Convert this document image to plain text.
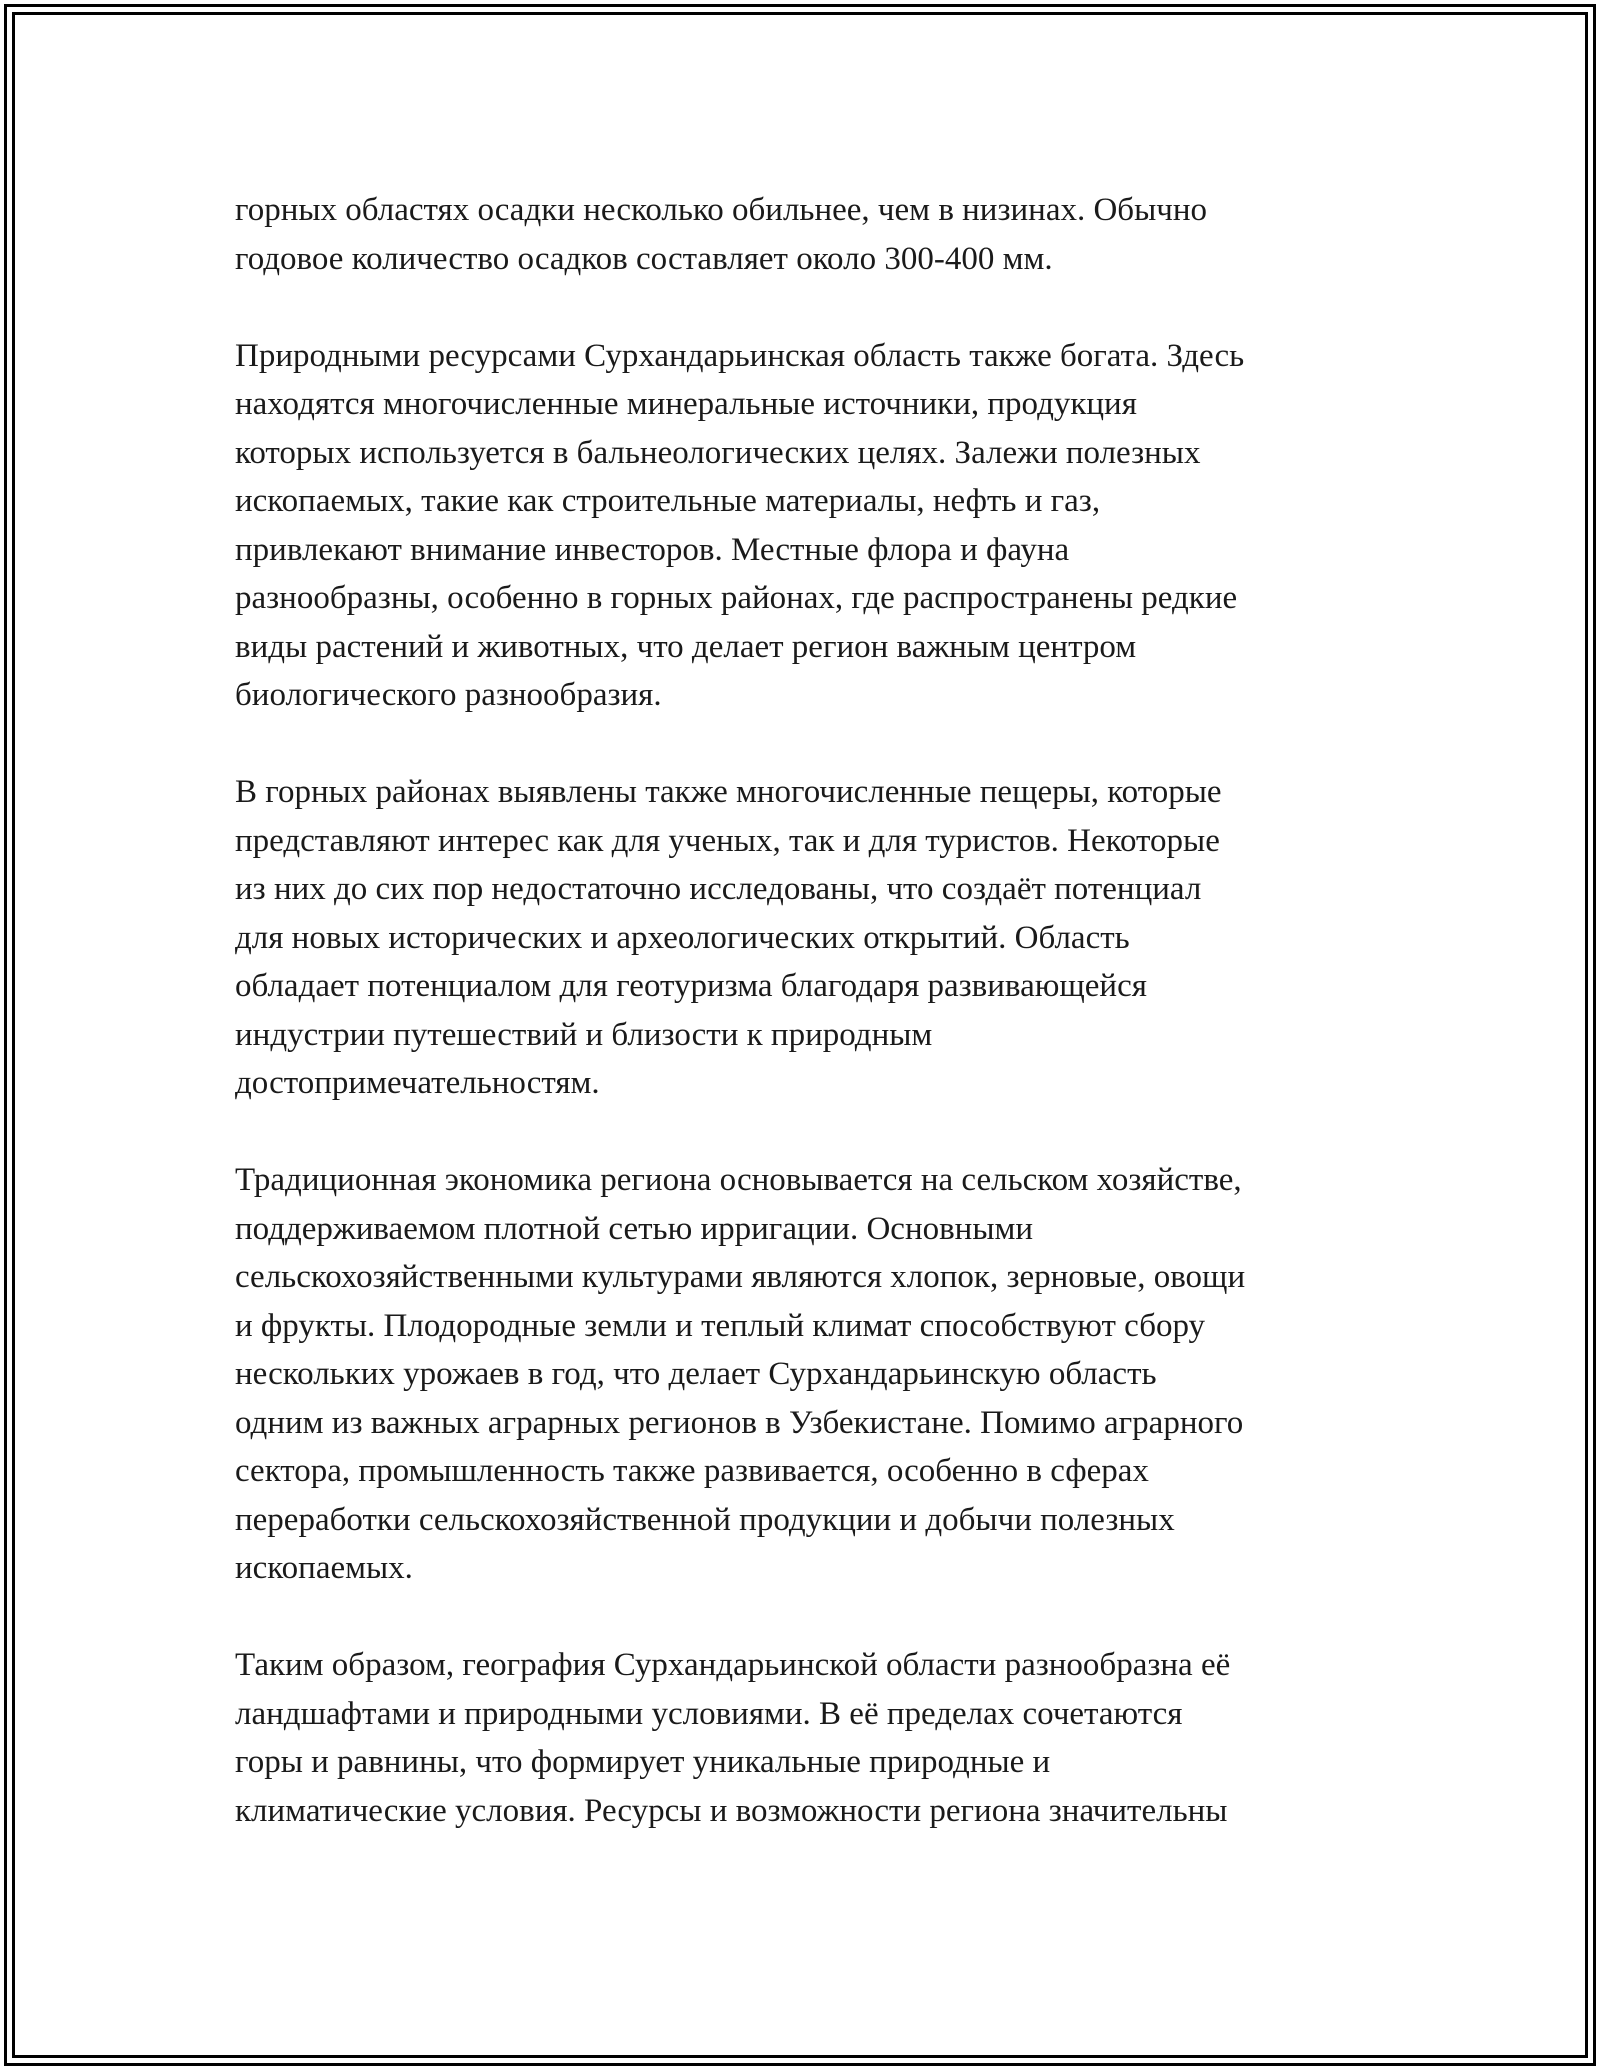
горных областях осадки несколько обильнее, чем в низинах. Обычно
годовое количество осадков составляет около 300-400 мм.

Природными ресурсами Сурхандарьинская область также богата. Здесь
находятся многочисленные минеральные источники, продукция
которых используется в бальнеологических целях. Залежи полезных
ископаемых, такие как строительные материалы, нефть и газ,
привлекают внимание инвесторов. Местные флора и фауна
разнообразны, особенно в горных районах, где распространены редкие
виды растений и животных, что делает регион важным центром
биологического разнообразия.

В горных районах выявлены также многочисленные пещеры, которые
представляют интерес как для ученых, так и для туристов. Некоторые
из них до сих пор недостаточно исследованы, что создаёт потенциал
для новых исторических и археологических открытий. Область
обладает потенциалом для геотуризма благодаря развивающейся
индустрии путешествий и близости к природным
достопримечательностям.

Традиционная экономика региона основывается на сельском хозяйстве,
поддерживаемом плотной сетью ирригации. Основными
сельскохозяйственными культурами являются хлопок, зерновые, овощи
и фрукты. Плодородные земли и теплый климат способствуют сбору
нескольких урожаев в год, что делает Сурхандарьинскую область
одним из важных аграрных регионов в Узбекистане. Помимо аграрного
сектора, промышленность также развивается, особенно в сферах
переработки сельскохозяйственной продукции и добычи полезных
ископаемых.

Таким образом, география Сурхандарьинской области разнообразна её
ландшафтами и природными условиями. В её пределах сочетаются
горы и равнины, что формирует уникальные природные и
климатические условия. Ресурсы и возможности региона значительны
